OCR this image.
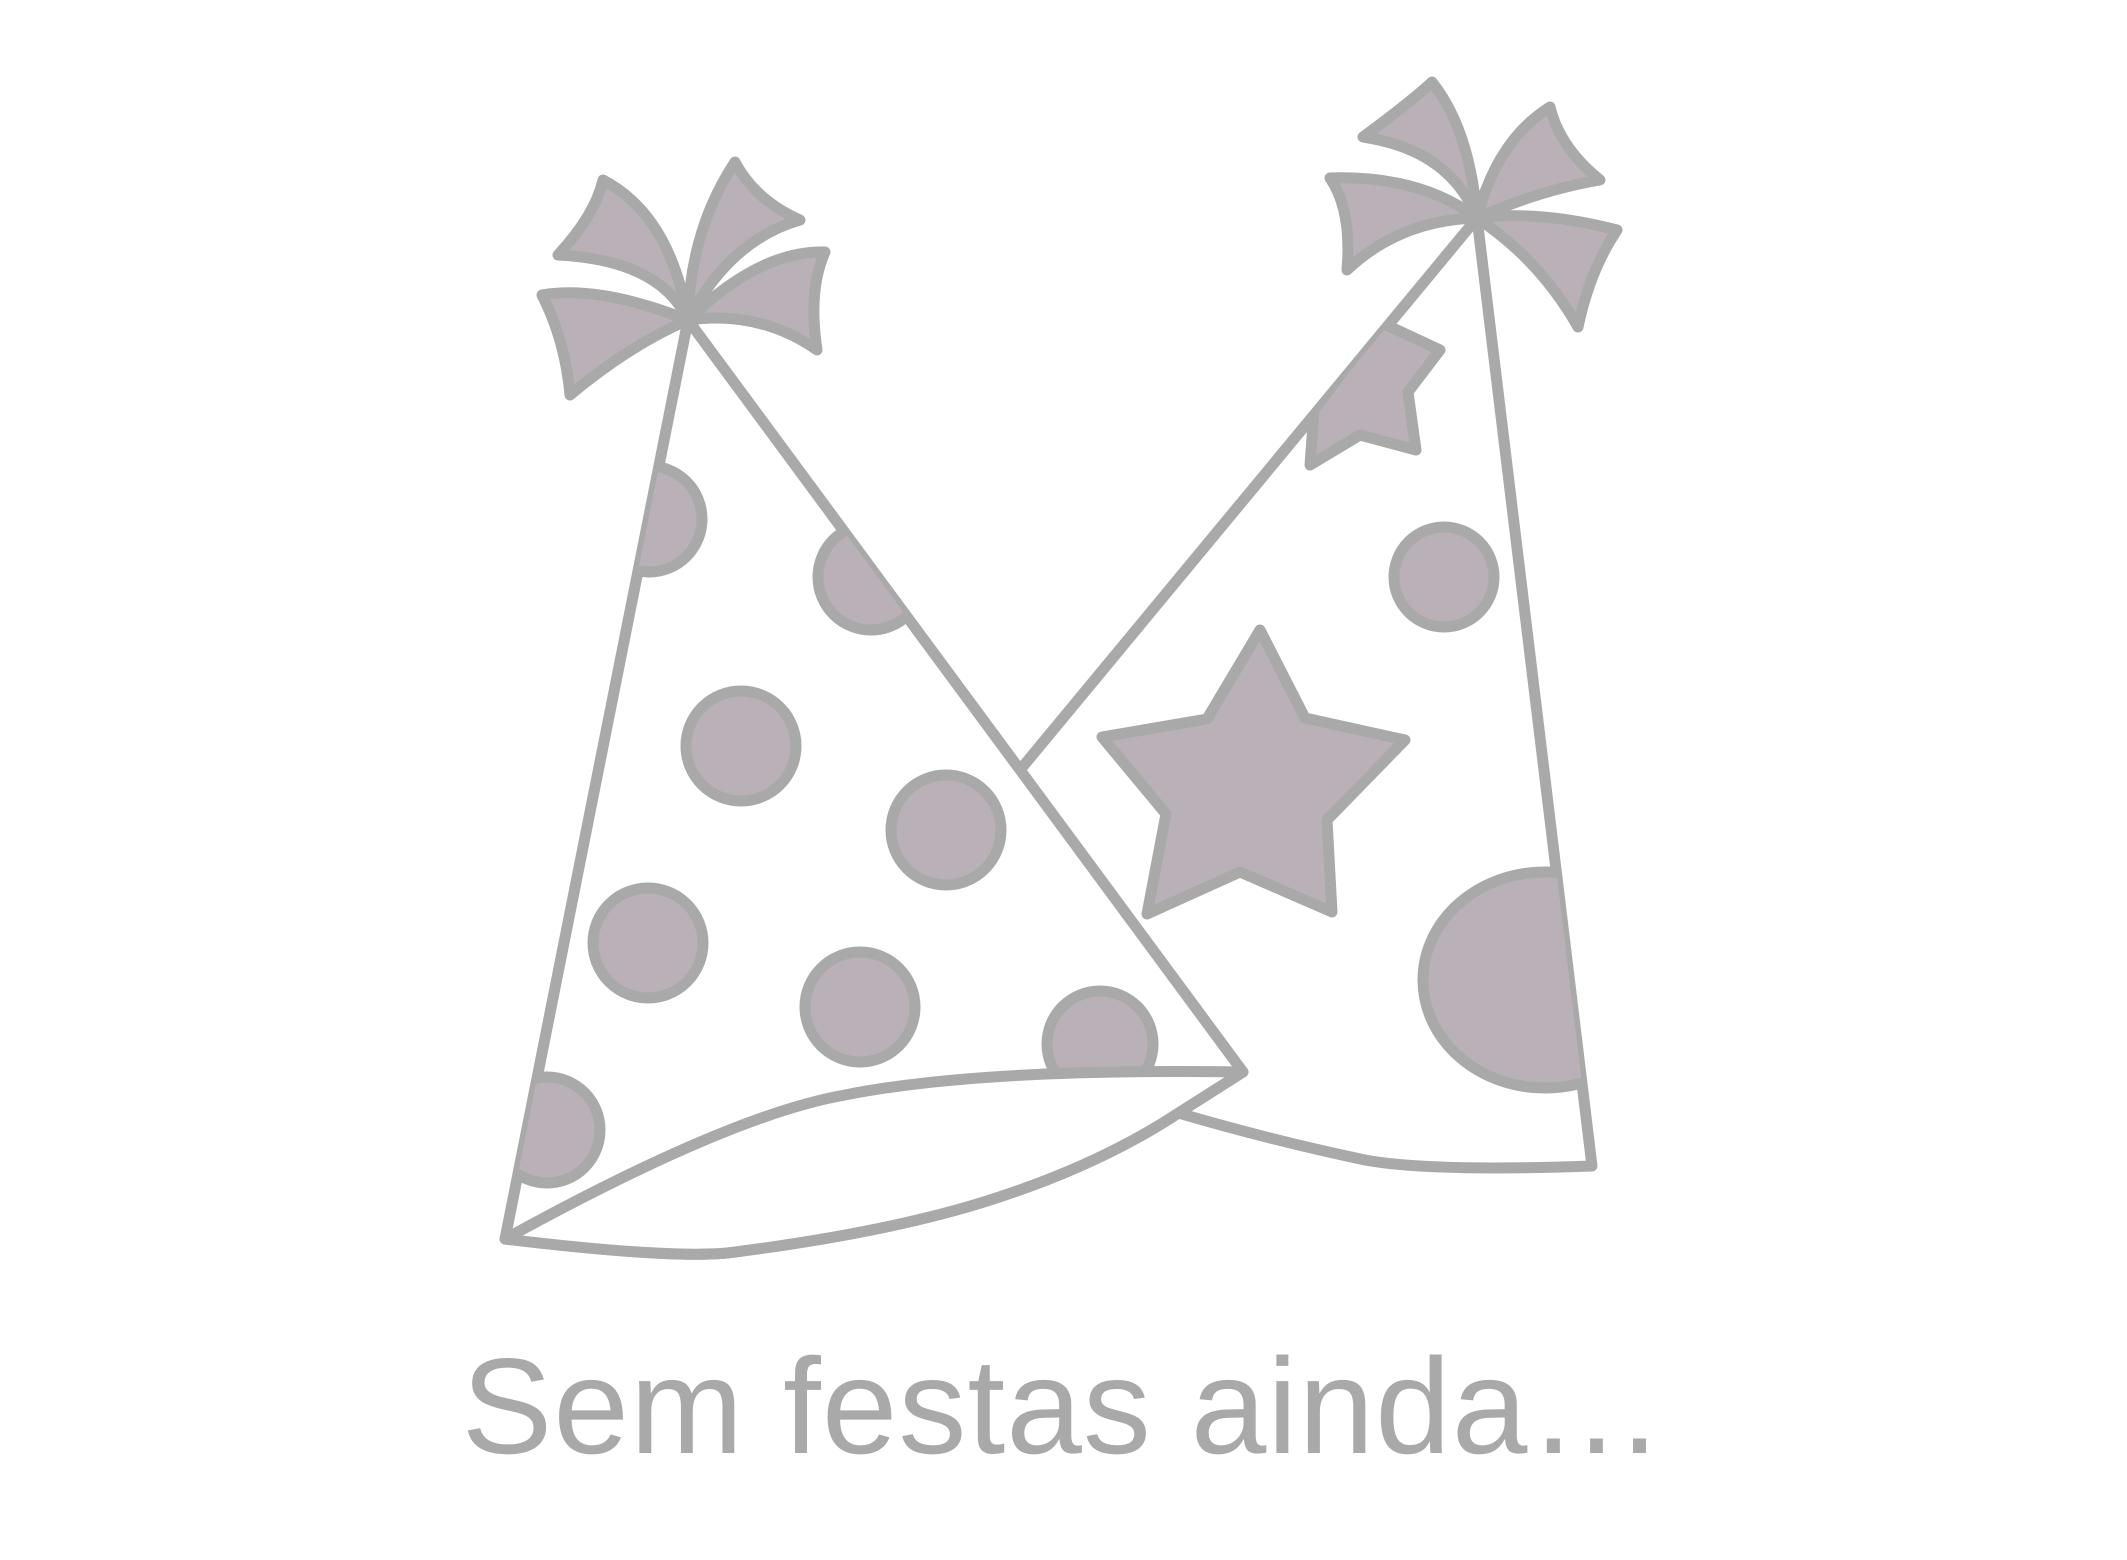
Sem festas ainda…
